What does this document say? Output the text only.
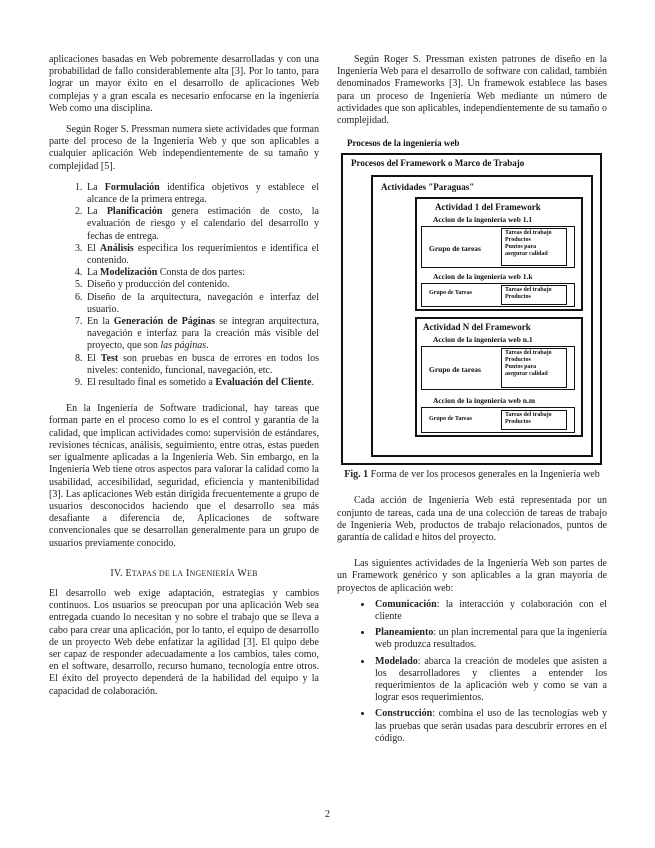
aplicaciones basadas en Web pobremente desarrolladas y con una probabilidad de fallo considerablemente alta [3]. Por lo tanto, para lograr un mayor éxito en el desarrollo de aplicaciones Web complejas y a gran escala es necesario enfocarse en la ingeniería Web como una disciplina.

Según Roger S. Pressman numera siete actividades que forman parte del proceso de la Ingeniería Web y que son aplicables a cualquier aplicación Web independientemente de su tamaño y complejidad [5].

1. La Formulación identifica objetivos y establece el alcance de la primera entrega.
2. La Planificación genera estimación de costo, la evaluación de riesgo y el calendario del desarrollo y fechas de entrega.
3. El Análisis especifica los requerimientos e identifica el contenido.
4. La Modelización Consta de dos partes:
5. Diseño y producción del contenido.
6. Diseño de la arquitectura, navegación e interfaz del usuario.
7. En la Generación de Páginas se integran arquitectura, navegación e interfaz para la creación más visible del proyecto, que son las páginas.
8. El Test son pruebas en busca de errores en todos los niveles: contenido, funcional, navegación, etc.
9. El resultado final es sometido a Evaluación del Cliente.

En la Ingeniería de Software tradicional, hay tareas que forman parte en el proceso como lo es el control y garantía de la calidad, que implican actividades como: supervisión de estándares, revisiones técnicas, análisis, seguimiento, entre otras, estas pueden ser igualmente aplicadas a la Ingeniería Web. Sin embargo, en la Ingeniería Web tiene otros aspectos para valorar la calidad como la usabilidad, accesibilidad, seguridad, eficiencia y mantenibilidad [3]. Las aplicaciones Web están dirigida frecuentemente a grupo de usuarios desconocidos haciendo que el desarrollo sea más desafiante a diferencia de, Aplicaciones de software convencionales que se desarrollan generalmente para un grupo de usuarios previamente conocido.

IV. ETAPAS DE LA INGENIERÍA WEB

El desarrollo web exige adaptación, estrategias y cambios continuos. Los usuarios se preocupan por una aplicación Web sea entregada cuando lo necesitan y no sobre el trabajo que se lleva a cabo para crear una aplicación, por lo tanto, el equipo de desarrollo de un proyecto Web debe enfatizar la agilidad [3]. El quipo debe ser capaz de responder adecuadamente a los cambios, tales como, en el software, desarrollo, recurso humano, tecnología entre otros. El éxito del proyecto dependerá de la habilidad del equipo y la capacidad de colaboración.

Según Roger S. Pressman existen patrones de diseño en la Ingeniería Web para el desarrollo de software con calidad, también denominados Frameworks [3]. Un framewok establece las bases para un proceso de Ingeniería Web mediante un número de actividades que son aplicables, independientemente de su tamaño o complejidad.

Procesos de la ingeniería web
Procesos del Framework o Marco de Trabajo
Actividades "Paraguas"
Actividad 1 del Framework
Accion de la ingeniería web 1.1
Grupo de tareas
Tareas del trabajo
Productos
Puntos para
asegurar calidad
Accion de la ingeniería web 1.k
Grupo de Tareas	Tareas del trabajo
Productos
Actividad N del Framework
Accion de la ingeniería web n.1
Grupo de tareas
Tareas del trabajo
Productos
Puntos para
asegurar calidad
Accion de la ingeniería web n.m
Grupo de Tareas
Tareas del trabajo
Productos

Fig. 1 Forma de ver los procesos generales en la Ingeniería web

Cada acción de Ingeniería Web está representada por un conjunto de tareas, cada una de una colección de tareas de trabajo de Ingeniería Web, productos de trabajo relacionados, puntos de garantía de calidad e hitos del proyecto.

Las siguientes actividades de la Ingeniería Web son partes de un Framework genérico y son aplicables a la gran mayoría de proyectos de aplicación web:

• Comunicación: la interacción y colaboración con el cliente
• Planeamiento: un plan incremental para que la ingeniería web produzca resultados.
• Modelado: abarca la creación de modeles que asisten a los desarrolladores y clientes a entender los requerimientos de la aplicación web y como se van a lograr esos requerimientos.
• Construcción: combina el uso de las tecnologías web y las pruebas que serán usadas para descubrir errores en el código.
2
